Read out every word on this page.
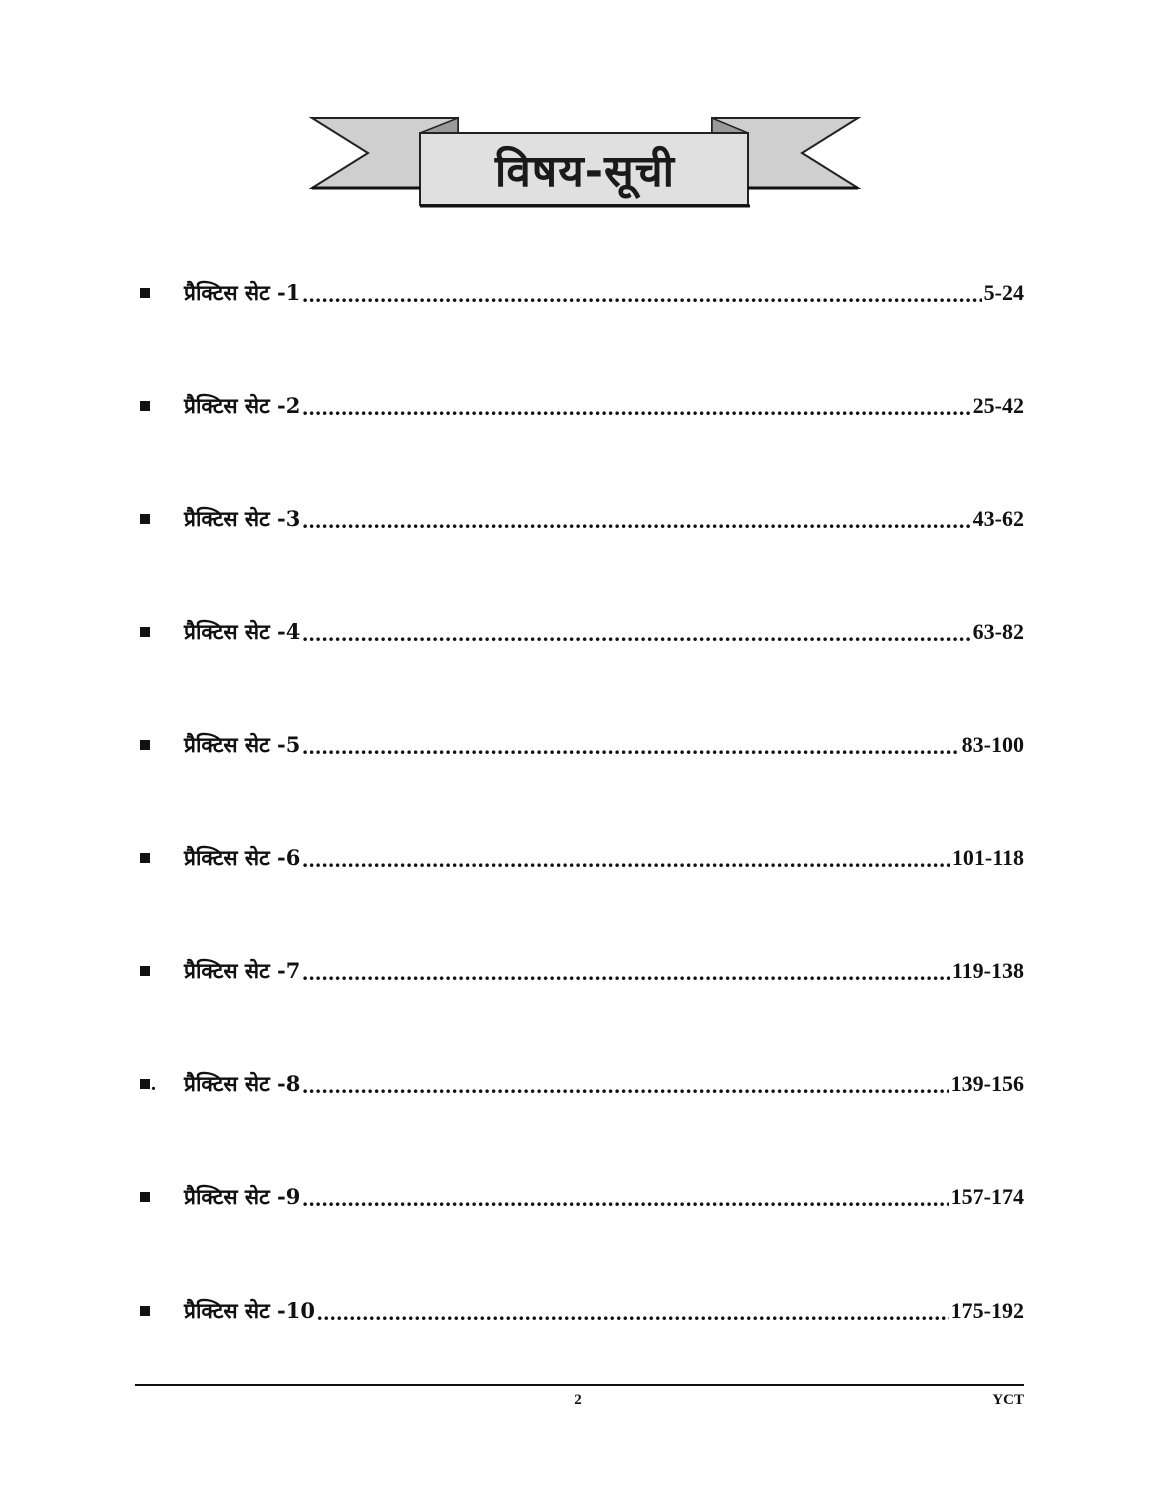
विषय-सूची
प्रैक्टिस सेट -1 .....	5-24
प्रैक्टिस सेट -2 .....	25-42
प्रैक्टिस सेट -3 .....	43-62
प्रैक्टिस सेट -4 .....	63-82
प्रैक्टिस सेट -5 .....	83-100
प्रैक्टिस सेट -6 .....	101-118
प्रैक्टिस सेट -7 .....	119-138
. प्रैक्टिस सेट -8 .....	139-156
प्रैक्टिस सेट -9 .....	157-174
प्रैक्टिस सेट -10 .....	175-192
2	YCT
